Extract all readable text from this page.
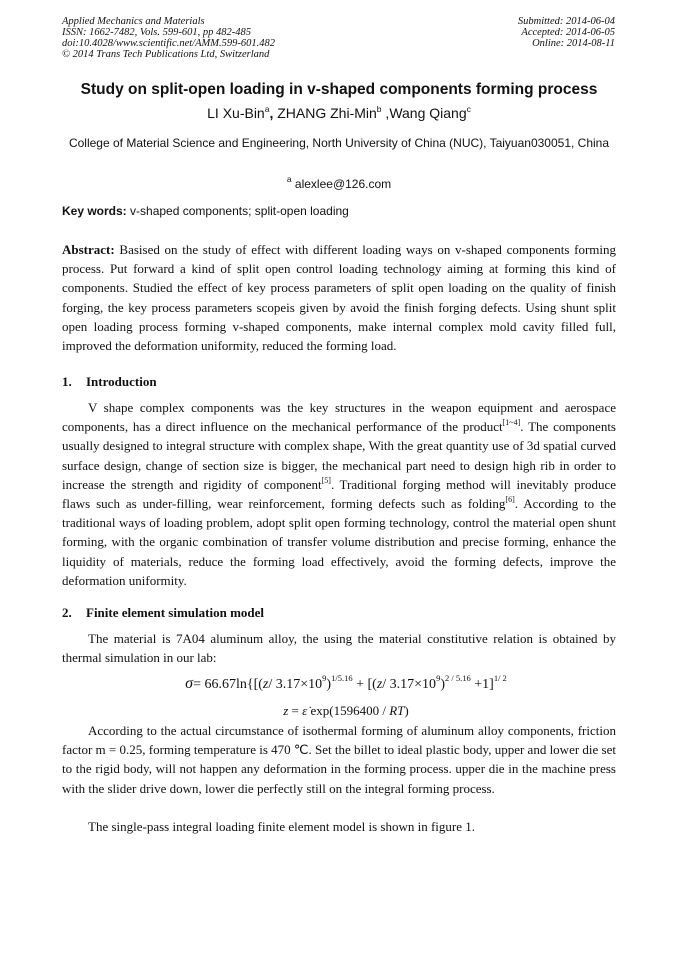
Applied Mechanics and Materials
ISSN: 1662-7482, Vols. 599-601, pp 482-485
doi:10.4028/www.scientific.net/AMM.599-601.482
© 2014 Trans Tech Publications Ltd, Switzerland
Submitted: 2014-06-04
Accepted: 2014-06-05
Online: 2014-08-11
Study on split-open loading in v-shaped components forming process
LI Xu-Bin$^a$, ZHANG Zhi-Min$^b$ ,Wang Qiang$^c$
College of Material Science and Engineering, North University of China (NUC), Taiyuan030051, China
$^a$ alexlee@126.com
Key words: v-shaped components; split-open loading
Abstract: Basised on the study of effect with different loading ways on v-shaped components forming process. Put forward a kind of split open control loading technology aiming at forming this kind of components. Studied the effect of key process parameters of split open loading on the quality of finish forging, the key process parameters scopeis given by avoid the finish forging defects. Using shunt split open loading process forming v-shaped components, make internal complex mold cavity filled full, improved the deformation uniformity, reduced the forming load.
1. Introduction
V shape complex components was the key structures in the weapon equipment and aerospace components, has a direct influence on the mechanical performance of the product[1~4]. The components usually designed to integral structure with complex shape, With the great quantity use of 3d spatial curved surface design, change of section size is bigger, the mechanical part need to design high rib in order to increase the strength and rigidity of component[5]. Traditional forging method will inevitably produce flaws such as under-filling, wear reinforcement, forming defects such as folding[6]. According to the traditional ways of loading problem, adopt split open forming technology, control the material open shunt forming, with the organic combination of transfer volume distribution and precise forming, enhance the liquidity of materials, reduce the forming load effectively, avoid the forming defects, improve the deformation uniformity.
2. Finite element simulation model
The material is 7A04 aluminum alloy, the using the material constitutive relation is obtained by thermal simulation in our lab:
σ= 66.67ln{[(z/ $3.17\times 10^9)^{1/5.16} + [(z/$ $3.17\times 10^9)^{2 / 5.16} +1]^{1/ 2}$
z = ε̇ exp(1596400 / RT)
According to the actual circumstance of isothermal forming of aluminum alloy components, friction factor m = 0.25, forming temperature is 470 ℃. Set the billet to ideal plastic body, upper and lower die set to the rigid body, will not happen any deformation in the forming process. upper die in the machine press with the slider drive down, lower die perfectly still on the integral forming process.
The single-pass integral loading finite element model is shown in figure 1.
